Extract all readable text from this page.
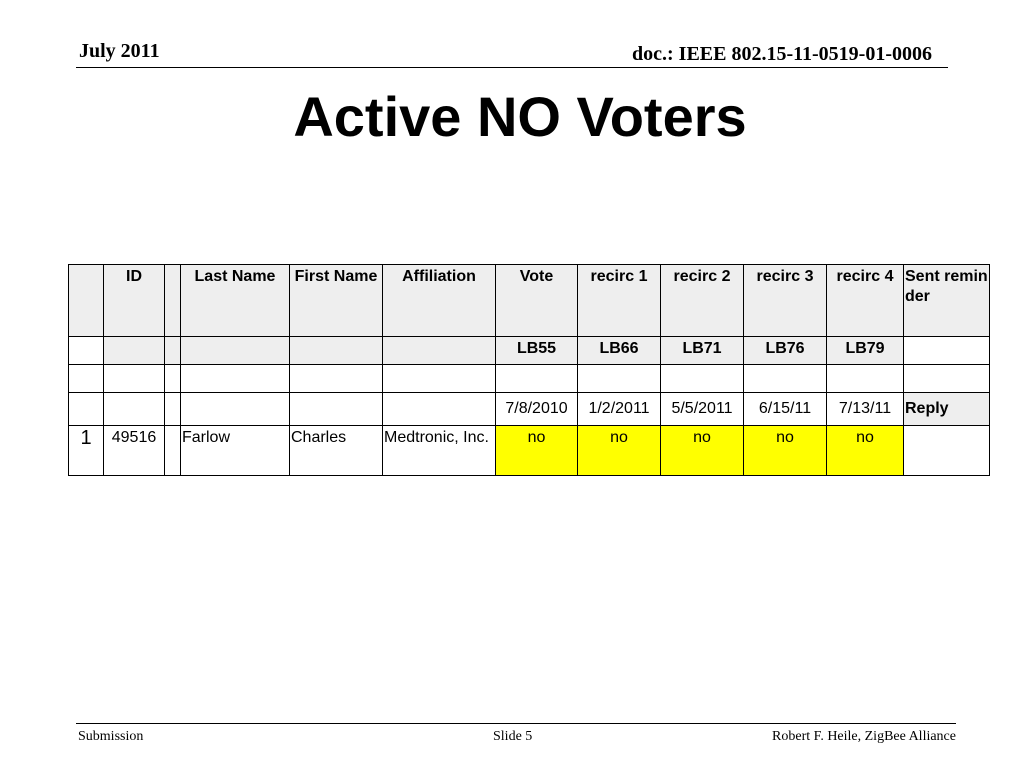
July 2011	doc.: IEEE 802.15-11-0519-01-0006
Active NO Voters
	ID		Last Name	First Name	Affiliation	Vote	recirc 1	recirc 2	recirc 3	recirc 4	Sent reminder
						LB55	LB66	LB71	LB76	LB79	

						7/8/2010	1/2/2011	5/5/2011	6/15/11	7/13/11	Reply
1	49516		Farlow	Charles	Medtronic, Inc.	no	no	no	no	no	
Submission	Slide 5	Robert F. Heile, ZigBee Alliance
